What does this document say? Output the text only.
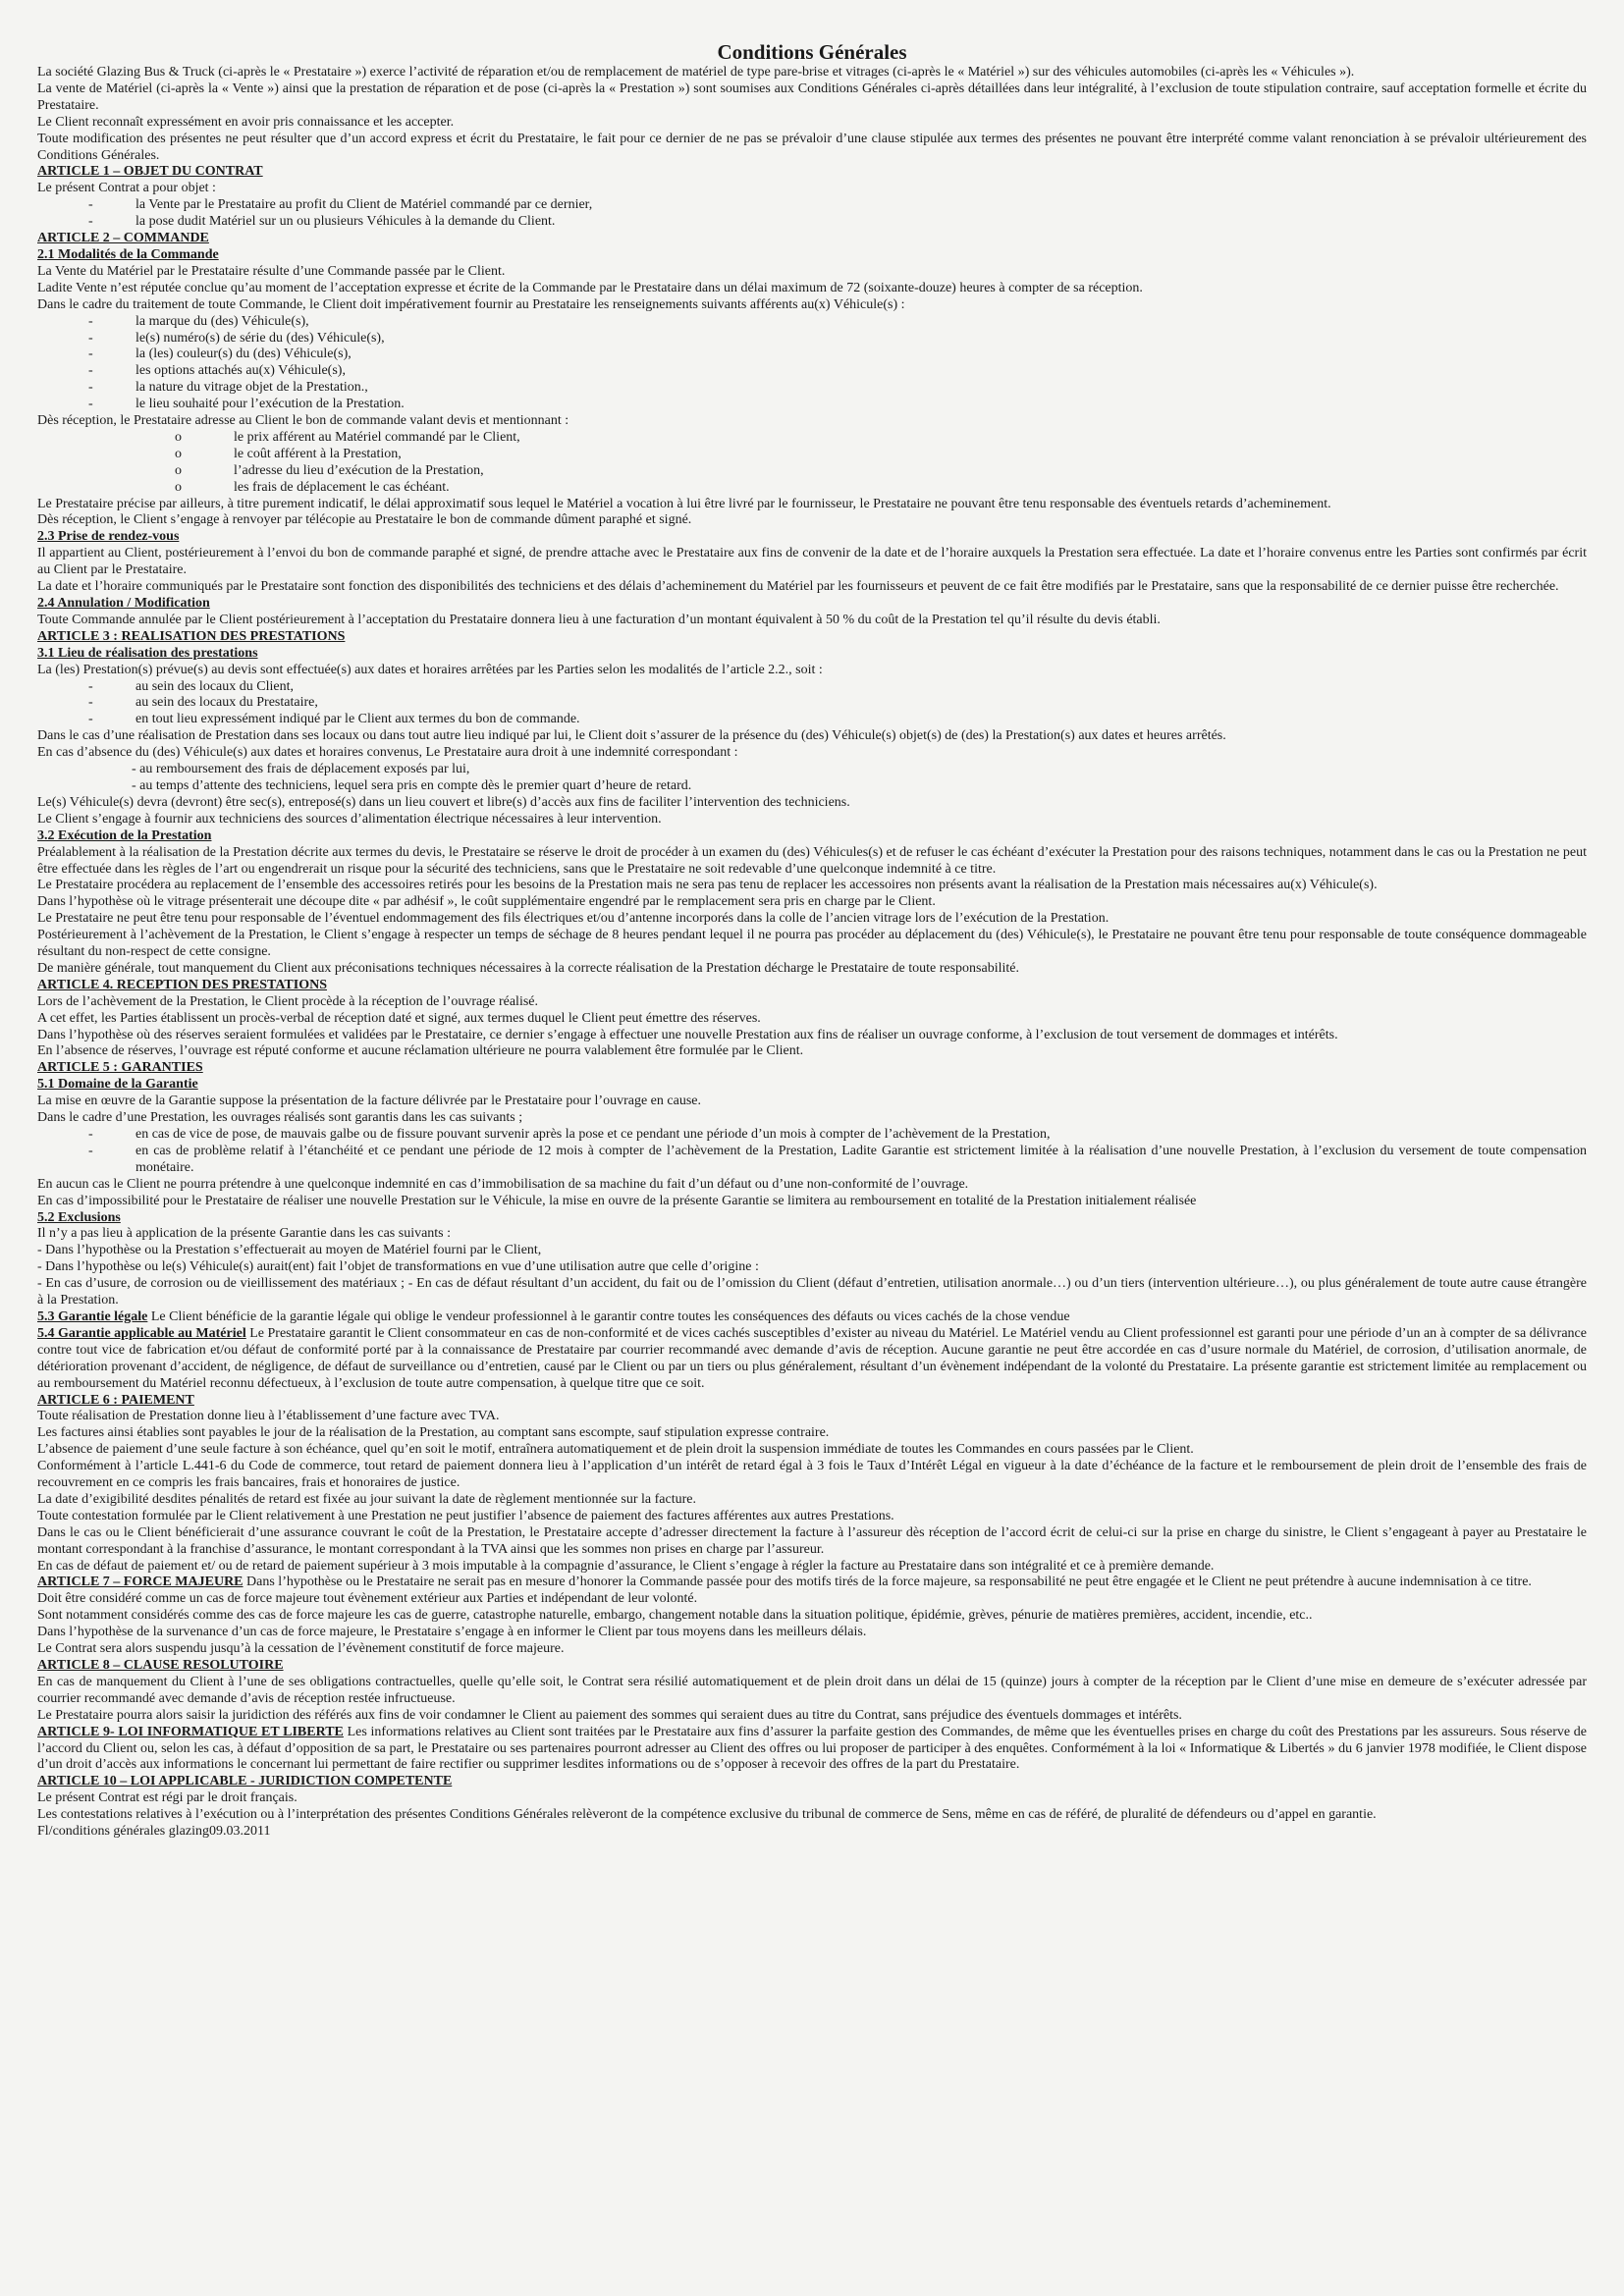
Conditions Générales

La société Glazing Bus & Truck (ci-après le « Prestataire ») exerce l’activité de réparation et/ou de remplacement de matériel de type pare-brise et vitrages (ci-après le « Matériel ») sur des véhicules automobiles (ci-après les « Véhicules »).

La vente de Matériel (ci-après la « Vente ») ainsi que la prestation de réparation et de pose (ci-après la « Prestation ») sont soumises aux Conditions Générales ci-après détaillées dans leur intégralité, à l’exclusion de toute stipulation contraire, sauf acceptation formelle et écrite du Prestataire.

Le Client reconnaît expressément en avoir pris connaissance et les accepter.

Toute modification des présentes ne peut résulter que d’un accord express et écrit du Prestataire, le fait pour ce dernier de ne pas se prévaloir d’une clause stipulée aux termes des présentes ne pouvant être interprété comme valant renonciation à se prévaloir ultérieurement des Conditions Générales.

ARTICLE 1 – OBJET DU CONTRAT

Le présent Contrat a pour objet :

-	la Vente par le Prestataire au profit du Client de Matériel commandé par ce dernier,
-	la pose dudit Matériel sur un ou plusieurs Véhicules à la demande du Client.

ARTICLE 2 – COMMANDE

2.1 Modalités de la Commande

La Vente du Matériel par le Prestataire résulte d’une Commande passée par le Client.

Ladite Vente n’est réputée conclue qu’au moment de l’acceptation expresse et écrite de la Commande par le Prestataire dans un délai maximum de 72 (soixante-douze) heures à compter de sa réception.

Dans le cadre du traitement de toute Commande, le Client doit impérativement fournir au Prestataire les renseignements suivants afférents au(x) Véhicule(s) :

-	la marque du (des) Véhicule(s),
-	le(s) numéro(s) de série du (des) Véhicule(s),
-	la (les) couleur(s) du (des) Véhicule(s),
-	les options attachés au(x) Véhicule(s),
-	la nature du vitrage objet de la Prestation.,
-	le lieu souhaité pour l’exécution de la Prestation.

Dès réception, le Prestataire adresse au Client le bon de commande valant devis et mentionnant :

o	le prix afférent au Matériel commandé par le Client,
o	le coût afférent à la Prestation,
o	l’adresse du lieu d’exécution de la Prestation,
o	les frais de déplacement le cas échéant.

Le Prestataire précise par ailleurs, à titre purement indicatif, le délai approximatif sous lequel le Matériel a vocation à lui être livré par le fournisseur, le Prestataire ne pouvant être tenu responsable des éventuels retards d’acheminement.

Dès réception, le Client s’engage à renvoyer par télécopie au Prestataire le bon de commande dûment paraphé et signé.

2.3 Prise de rendez-vous

Il appartient au Client, postérieurement à l’envoi du bon de commande paraphé et signé, de prendre attache avec le Prestataire aux fins de convenir de la date et de l’horaire auxquels la Prestation sera effectuée. La date et l’horaire convenus entre les Parties sont confirmés par écrit au Client par le Prestataire.

La date et l’horaire communiqués par le Prestataire sont fonction des disponibilités des techniciens et des délais d’acheminement du Matériel par les fournisseurs et peuvent de ce fait être modifiés par le Prestataire, sans que la responsabilité de ce dernier puisse être recherchée.

2.4 Annulation / Modification

Toute Commande annulée par le Client postérieurement à l’acceptation du Prestataire donnera lieu à une facturation d’un montant équivalent à 50 % du coût de la Prestation tel qu’il résulte du devis établi.

ARTICLE 3 : REALISATION DES PRESTATIONS

3.1 Lieu de réalisation des prestations

La (les) Prestation(s) prévue(s) au devis sont effectuée(s) aux dates et horaires arrêtées par les Parties selon les modalités de l’article 2.2., soit :

-	au sein des locaux du Client,
-	au sein des locaux du Prestataire,
-	en tout lieu expressément indiqué par le Client aux termes du bon de commande.

Dans le cas d’une réalisation de Prestation dans ses locaux ou dans tout autre lieu indiqué par lui, le Client doit s’assurer de la présence du (des) Véhicule(s) objet(s) de (des) la Prestation(s) aux dates et heures arrêtés.

En cas d’absence du (des) Véhicule(s) aux dates et horaires convenus, Le Prestataire aura droit à une indemnité correspondant :

- au remboursement des frais de déplacement exposés par lui,

- au temps d’attente des techniciens, lequel sera pris en compte dès le premier quart d’heure de retard.

Le(s) Véhicule(s) devra (devront) être sec(s), entreposé(s) dans un lieu couvert et libre(s) d’accès aux fins de faciliter l’intervention des techniciens.

Le Client s’engage à fournir aux techniciens des sources d’alimentation électrique nécessaires à leur intervention.

3.2 Exécution de la Prestation

Préalablement à la réalisation de la Prestation décrite aux termes du devis, le Prestataire se réserve le droit de procéder à un examen du (des) Véhicules(s) et de refuser le cas échéant d’exécuter la Prestation pour des raisons techniques, notamment dans le cas ou la Prestation ne peut être effectuée dans les règles de l’art ou engendrerait un risque pour la sécurité des techniciens, sans que le Prestataire ne soit redevable d’une quelconque indemnité à ce titre.

Le Prestataire procédera au replacement de l’ensemble des accessoires retirés pour les besoins de la Prestation mais ne sera pas tenu de replacer les accessoires non présents avant la réalisation de la Prestation mais nécessaires au(x) Véhicule(s).

Dans l’hypothèse où le vitrage présenterait une découpe dite « par adhésif », le coût supplémentaire engendré par le remplacement sera pris en charge par le Client.

Le Prestataire ne peut être tenu pour responsable de l’éventuel endommagement des fils électriques et/ou d’antenne incorporés dans la colle de l’ancien vitrage lors de l’exécution de la Prestation.

Postérieurement à l’achèvement de la Prestation, le Client s’engage à respecter un temps de séchage de 8 heures pendant lequel il ne pourra pas procéder au déplacement du (des) Véhicule(s), le Prestataire ne pouvant être tenu pour responsable de toute conséquence dommageable résultant du non-respect de cette consigne.

De manière générale, tout manquement du Client aux préconisations techniques nécessaires à la correcte réalisation de la Prestation décharge le Prestataire de toute responsabilité.

ARTICLE 4. RECEPTION DES PRESTATIONS

Lors de l’achèvement de la Prestation, le Client procède à la réception de l’ouvrage réalisé.

A cet effet, les Parties établissent un procès-verbal de réception daté et signé, aux termes duquel le Client peut émettre des réserves.

Dans l’hypothèse où des réserves seraient formulées et validées par le Prestataire, ce dernier s’engage à effectuer une nouvelle Prestation aux fins de réaliser un ouvrage conforme, à l’exclusion de tout versement de dommages et intérêts.

En l’absence de réserves, l’ouvrage est réputé conforme et aucune réclamation ultérieure ne pourra valablement être formulée par le Client.

ARTICLE 5 : GARANTIES

5.1 Domaine de la Garantie

La mise en œuvre de la Garantie suppose la présentation de la facture délivrée par le Prestataire pour l’ouvrage en cause.

Dans le cadre d’une Prestation, les ouvrages réalisés sont garantis dans les cas suivants ;

-	en cas de vice de pose, de mauvais galbe ou de fissure pouvant survenir après la pose et ce pendant une période d’un mois à compter de l’achèvement de la Prestation,
-	en cas de problème relatif à l’étanchéité et ce pendant une période de 12 mois à compter de l’achèvement de la Prestation, Ladite Garantie est strictement limitée à la réalisation d’une nouvelle Prestation, à l’exclusion du versement de toute compensation monétaire.

En aucun cas le Client ne pourra prétendre à une quelconque indemnité en cas d’immobilisation de sa machine du fait d’un défaut ou d’une non-conformité de l’ouvrage.

En cas d’impossibilité pour le Prestataire de réaliser une nouvelle Prestation sur le Véhicule, la mise en ouvre de la présente Garantie se limitera au remboursement en totalité de la Prestation initialement réalisée

5.2 Exclusions

Il n’y a pas lieu à application de la présente Garantie dans les cas suivants :

- Dans l’hypothèse ou la Prestation s’effectuerait au moyen de Matériel fourni par le Client,

- Dans l’hypothèse ou le(s) Véhicule(s) aurait(ent) fait l’objet de transformations en vue d’une utilisation autre que celle d’origine :

- En cas d’usure, de corrosion ou de vieillissement des matériaux ; - En cas de défaut résultant d’un accident, du fait ou de l’omission du Client (défaut d’entretien, utilisation anormale…) ou d’un tiers (intervention ultérieure…), ou plus généralement de toute autre cause étrangère à la Prestation.

5.3 Garantie légale Le Client bénéficie de la garantie légale qui oblige le vendeur professionnel à le garantir contre toutes les conséquences des défauts ou vices cachés de la chose vendue

5.4 Garantie applicable au Matériel Le Prestataire garantit le Client consommateur en cas de non-conformité et de vices cachés susceptibles d’exister au niveau du Matériel. Le Matériel vendu au Client professionnel est garanti pour une période d’un an à compter de sa délivrance contre tout vice de fabrication et/ou défaut de conformité porté par à la connaissance de Prestataire par courrier recommandé avec demande d’avis de réception. Aucune garantie ne peut être accordée en cas d’usure normale du Matériel, de corrosion, d’utilisation anormale, de détérioration provenant d’accident, de négligence, de défaut de surveillance ou d’entretien, causé par le Client ou par un tiers ou plus généralement, résultant d’un évènement indépendant de la volonté du Prestataire. La présente garantie est strictement limitée au remplacement ou au remboursement du Matériel reconnu défectueux, à l’exclusion de toute autre compensation, à quelque titre que ce soit.

ARTICLE 6 : PAIEMENT

Toute réalisation de Prestation donne lieu à l’établissement d’une facture avec TVA.

Les factures ainsi établies sont payables le jour de la réalisation de la Prestation, au comptant sans escompte, sauf stipulation expresse contraire.

L’absence de paiement d’une seule facture à son échéance, quel qu’en soit le motif, entraînera automatiquement et de plein droit la suspension immédiate de toutes les Commandes en cours passées par le Client.

Conformément à l’article L.441-6 du Code de commerce, tout retard de paiement donnera lieu à l’application d’un intérêt de retard égal à 3 fois le Taux d’Intérêt Légal en vigueur à la date d’échéance de la facture et le remboursement de plein droit de l’ensemble des frais de recouvrement en ce compris les frais bancaires, frais et honoraires de justice.

La date d’exigibilité desdites pénalités de retard est fixée au jour suivant la date de règlement mentionnée sur la facture.

Toute contestation formulée par le Client relativement à une Prestation ne peut justifier l’absence de paiement des factures afférentes aux autres Prestations.

Dans le cas ou le Client bénéficierait d’une assurance couvrant le coût de la Prestation, le Prestataire accepte d’adresser directement la facture à l’assureur dès réception de l’accord écrit de celui-ci sur la prise en charge du sinistre, le Client s’engageant à payer au Prestataire le montant correspondant à la franchise d’assurance, le montant correspondant à la TVA ainsi que les sommes non prises en charge par l’assureur.

En cas de défaut de paiement et/ ou de retard de paiement supérieur à 3 mois imputable à la compagnie d’assurance, le Client s’engage à régler la facture au Prestataire dans son intégralité et ce à première demande.

ARTICLE 7 – FORCE MAJEURE Dans l’hypothèse ou le Prestataire ne serait pas en mesure d’honorer la Commande passée pour des motifs tirés de la force majeure, sa responsabilité ne peut être engagée et le Client ne peut prétendre à aucune indemnisation à ce titre.

Doit être considéré comme un cas de force majeure tout évènement extérieur aux Parties et indépendant de leur volonté.

Sont notamment considérés comme des cas de force majeure les cas de guerre, catastrophe naturelle, embargo, changement notable dans la situation politique, épidémie, grèves, pénurie de matières premières, accident, incendie, etc..

Dans l’hypothèse de la survenance d’un cas de force majeure, le Prestataire s’engage à en informer le Client par tous moyens dans les meilleurs délais.

Le Contrat sera alors suspendu jusqu’à la cessation de l’évènement constitutif de force majeure.

ARTICLE 8 – CLAUSE RESOLUTOIRE

En cas de manquement du Client à l’une de ses obligations contractuelles, quelle qu’elle soit, le Contrat sera résilié automatiquement et de plein droit dans un délai de 15 (quinze) jours à compter de la réception par le Client d’une mise en demeure de s’exécuter adressée par courrier recommandé avec demande d’avis de réception restée infructueuse.

Le Prestataire pourra alors saisir la juridiction des référés aux fins de voir condamner le Client au paiement des sommes qui seraient dues au titre du Contrat, sans préjudice des éventuels dommages et intérêts.

ARTICLE 9- LOI INFORMATIQUE ET LIBERTE Les informations relatives au Client sont traitées par le Prestataire aux fins d’assurer la parfaite gestion des Commandes, de même que les éventuelles prises en charge du coût des Prestations par les assureurs. Sous réserve de l’accord du Client ou, selon les cas, à défaut d’opposition de sa part, le Prestataire ou ses partenaires pourront adresser au Client des offres ou lui proposer de participer à des enquêtes. Conformément à la loi « Informatique & Libertés » du 6 janvier 1978 modifiée, le Client dispose d’un droit d’accès aux informations le concernant lui permettant de faire rectifier ou supprimer lesdites informations ou de s’opposer à recevoir des offres de la part du Prestataire.

ARTICLE 10 – LOI APPLICABLE - JURIDICTION COMPETENTE

Le présent Contrat est régi par le droit français.

Les contestations relatives à l’exécution ou à l’interprétation des présentes Conditions Générales relèveront de la compétence exclusive du tribunal de commerce de Sens, même en cas de référé, de pluralité de défendeurs ou d’appel en garantie.

Fl/conditions générales glazing09.03.2011
